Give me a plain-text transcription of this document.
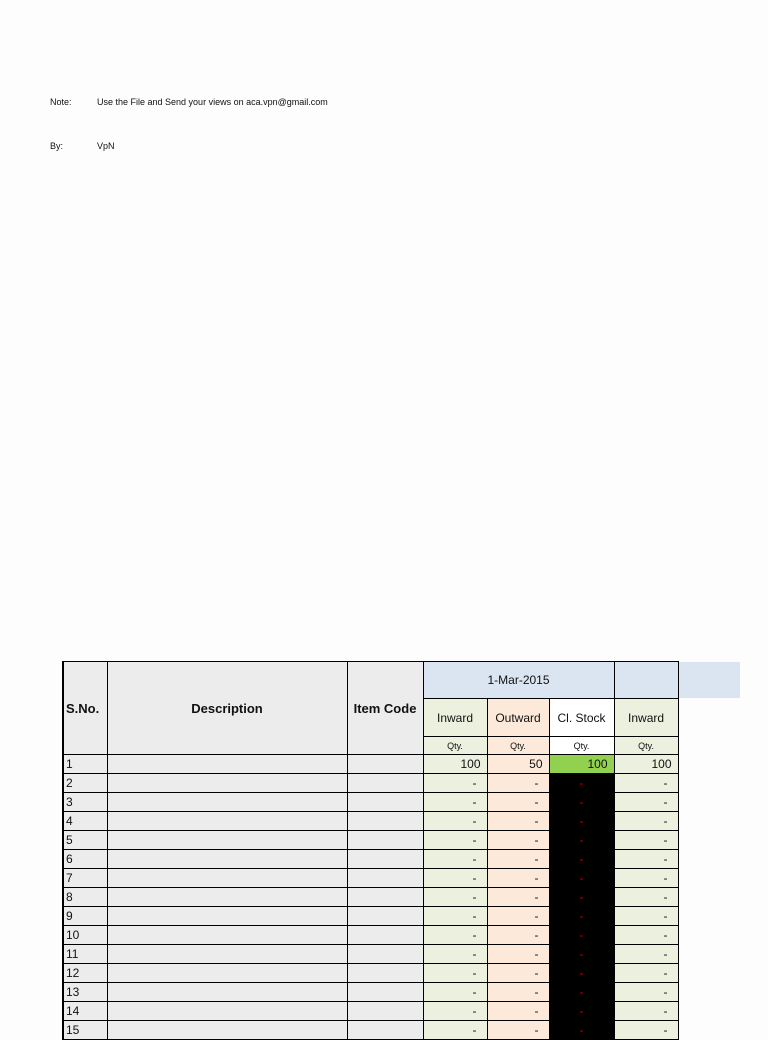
Note:	Use the File and Send your views on aca.vpn@gmail.com
By:	VpN
S.No.	Description	Item Code	1-Mar-2015			
			Inward	Outward	Cl. Stock	Inward
			Qty.	Qty.	Qty.	Qty.
1			100	50	100	100
2			-	-	-	-
3			-	-	-	-
4			-	-	-	-
5			-	-	-	-
6			-	-	-	-
7			-	-	-	-
8			-	-	-	-
9			-	-	-	-
10			-	-	-	-
11			-	-	-	-
12			-	-	-	-
13			-	-	-	-
14			-	-	-	-
15			-	-	-	-
